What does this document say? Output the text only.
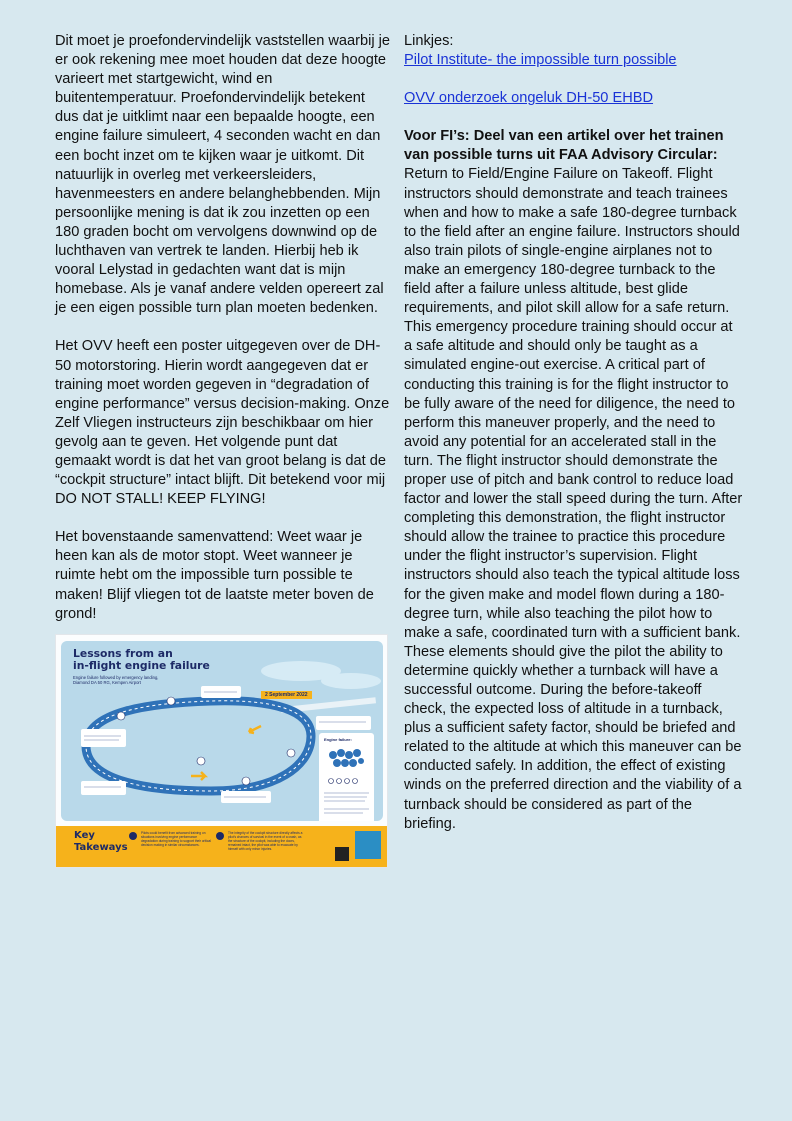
Dit moet je proefondervindelijk vaststellen waarbij je er ook rekening mee moet houden dat deze hoogte varieert met startgewicht, wind en buitentemperatuur. Proefondervindelijk betekent dus dat je uitklimt naar een bepaalde hoogte, een engine failure simuleert, 4 seconden wacht en dan een bocht inzet om te kijken waar je uitkomt. Dit natuurlijk in overleg met verkeersleiders, havenmeesters en andere belanghebbenden. Mijn persoonlijke mening is dat ik zou inzetten op een 180 graden bocht om vervolgens downwind op de luchthaven van vertrek te landen. Hierbij heb ik vooral Lelystad in gedachten want dat is mijn homebase. Als je vanaf andere velden opereert zal je een eigen possible turn plan moeten bedenken.

Het OVV heeft een poster uitgegeven over de DH-50 motorstoring. Hierin wordt aangegeven dat er training moet worden gegeven in “degradation of engine performance” versus decision-making. Onze Zelf Vliegen instructeurs zijn beschikbaar om hier gevolg aan te geven. Het volgende punt dat gemaakt wordt is dat het van groot belang is dat de “cockpit structure” intact blijft. Dit betekend voor mij DO NOT STALL! KEEP FLYING!

Het bovenstaande samenvattend: Weet waar je heen kan als de motor stopt. Weet wanneer je ruimte hebt om the impossible turn possible te maken! Blijf vliegen tot de laatste meter boven de grond!

Lessons from an
in-flight engine failure
Engine failure followed by emergency landing, Diamond DA 50 RG, Kempen Airport
2 September 2022
Engine failure:
Key
Takeways
Pilots could benefit from advanced training on situations involving engine performance degradation during training to support their critical decision making in similar circumstances.
The integrity of the cockpit structure directly affects a pilot's chances of survival in the event of a crash, as the structure of the cockpit, including the doors, remained intact, the pilot was able to evacuate by himself with only minor injuries.

Linkjes:

Pilot Institute- the impossible turn possible

OVV onderzoek ongeluk DH-50 EHBD

Voor FI’s: Deel van een artikel over het trainen van possible turns uit FAA Advisory Circular:

Return to Field/Engine Failure on Takeoff. Flight instructors should demonstrate and teach trainees when and how to make a safe 180-degree turnback to the field after an engine failure. Instructors should also train pilots of single-engine airplanes not to make an emergency 180-degree turnback to the field after a failure unless altitude, best glide requirements, and pilot skill allow for a safe return. This emergency procedure training should occur at a safe altitude and should only be taught as a simulated engine-out exercise. A critical part of conducting this training is for the flight instructor to be fully aware of the need for diligence, the need to perform this maneuver properly, and the need to avoid any potential for an accelerated stall in the turn. The flight instructor should demonstrate the proper use of pitch and bank control to reduce load factor and lower the stall speed during the turn. After completing this demonstration, the flight instructor should allow the trainee to practice this procedure under the flight instructor’s supervision. Flight instructors should also teach the typical altitude loss for the given make and model flown during a 180-degree turn, while also teaching the pilot how to make a safe, coordinated turn with a sufficient bank. These elements should give the pilot the ability to determine quickly whether a turnback will have a successful outcome. During the before-takeoff check, the expected loss of altitude in a turnback, plus a sufficient safety factor, should be briefed and related to the altitude at which this maneuver can be conducted safely. In addition, the effect of existing winds on the preferred direction and the viability of a turnback should be considered as part of the briefing.
